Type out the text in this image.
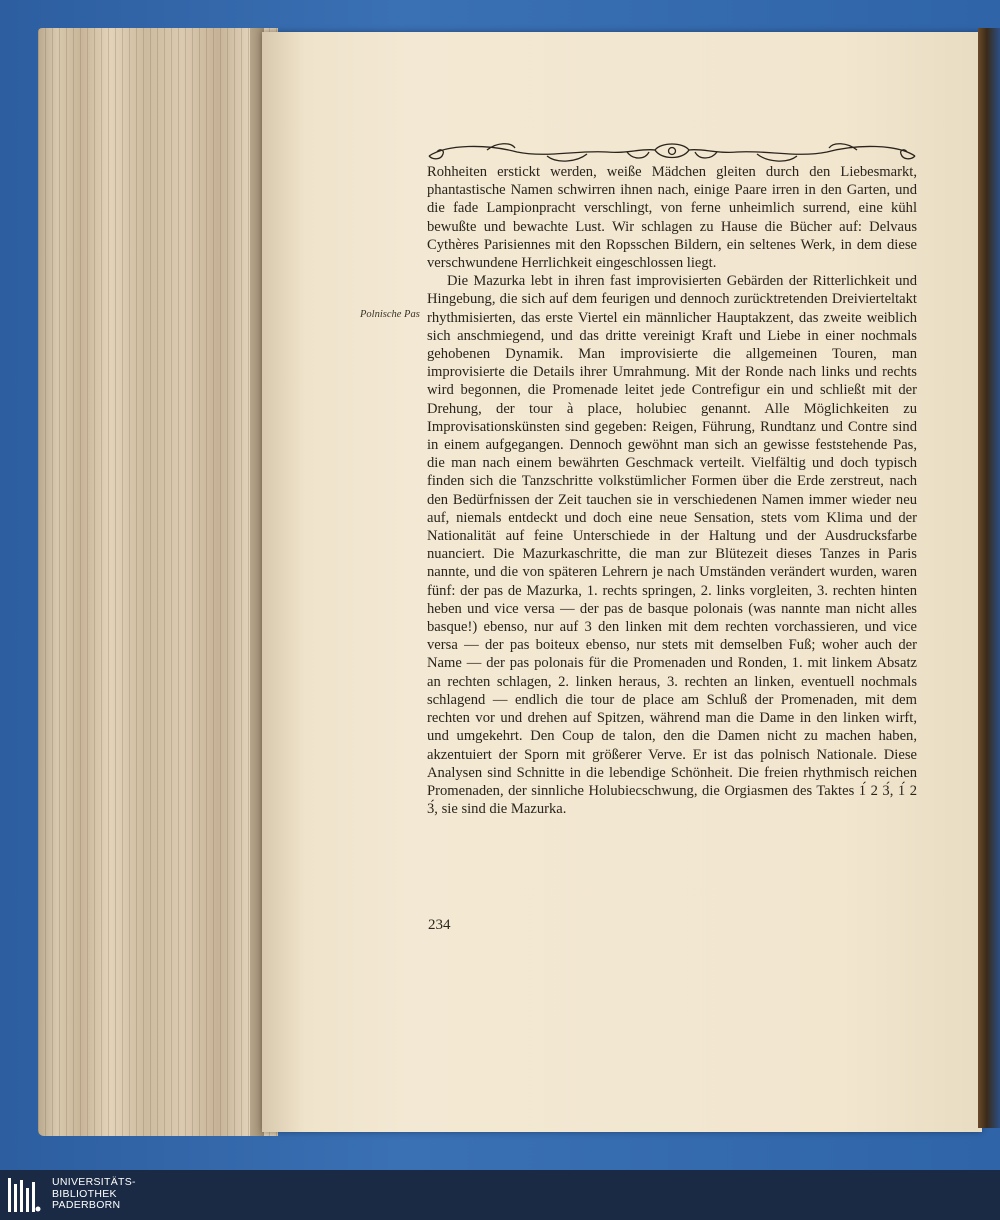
Rohheiten erstickt werden, weiße Mädchen gleiten durch den Liebesmarkt, phantastische Namen schwirren ihnen nach, einige Paare irren in den Garten, und die fade Lampionpracht verschlingt, von ferne unheimlich surrend, eine kühl bewußte und bewachte Lust. Wir schlagen zu Hause die Bücher auf: Delvaus Cythères Parisiennes mit den Ropsschen Bildern, ein seltenes Werk, in dem diese verschwundene Herrlichkeit eingeschlossen liegt.

Die Mazurka lebt in ihren fast improvisierten Gebärden der Ritterlichkeit und Hingebung, die sich auf dem feurigen und dennoch zurücktretenden Dreivierteltakt rhythmisierten, das erste Viertel ein männlicher Hauptakzent, das zweite weiblich sich anschmiegend, und das dritte vereinigt Kraft und Liebe in einer nochmals gehobenen Dynamik. Man improvisierte die allgemeinen Touren, man improvisierte die Details ihrer Umrahmung. Mit der Ronde nach links und rechts wird begonnen, die Promenade leitet jede Contrefigur ein und schließt mit der Drehung, der tour à place, holubiec genannt. Alle Möglichkeiten zu Improvisationskünsten sind gegeben: Reigen, Führung, Rundtanz und Contre sind in einem aufgegangen. Dennoch gewöhnt man sich an gewisse feststehende Pas, die man nach einem bewährten Geschmack verteilt. Vielfältig und doch typisch finden sich die Tanzschritte volkstümlicher Formen über die Erde zerstreut, nach den Bedürfnissen der Zeit tauchen sie in verschiedenen Namen immer wieder neu auf, niemals entdeckt und doch eine neue Sensation, stets vom Klima und der Nationalität auf feine Unterschiede in der Haltung und der Ausdrucksfarbe nuanciert. Die Mazurkaschritte, die man zur Blütezeit dieses Tanzes in Paris nannte, und die von späteren Lehrern je nach Umständen verändert wurden, waren fünf: der pas de Mazurka, 1. rechts springen, 2. links vorgleiten, 3. rechten hinten heben und vice versa — der pas de basque polonais (was nannte man nicht alles basque!) ebenso, nur auf 3 den linken mit dem rechten vorchassieren, und vice versa — der pas boiteux ebenso, nur stets mit demselben Fuß; woher auch der Name — der pas polonais für die Promenaden und Ronden, 1. mit linkem Absatz an rechten schlagen, 2. linken heraus, 3. rechten an linken, eventuell nochmals schlagend — endlich die tour de place am Schluß der Promenaden, mit dem rechten vor und drehen auf Spitzen, während man die Dame in den linken wirft, und umgekehrt. Den Coup de talon, den die Damen nicht zu machen haben, akzentuiert der Sporn mit größerer Verve. Er ist das polnisch Nationale. Diese Analysen sind Schnitte in die lebendige Schönheit. Die freien rhythmisch reichen Promenaden, der sinnliche Holubiecschwung, die Orgiasmen des Taktes 1́ 2 3́, 1́ 2 3́, sie sind die Mazurka.

Polnische Pas
234
UNIVERSITÄTS-
BIBLIOTHEK
PADERBORN
